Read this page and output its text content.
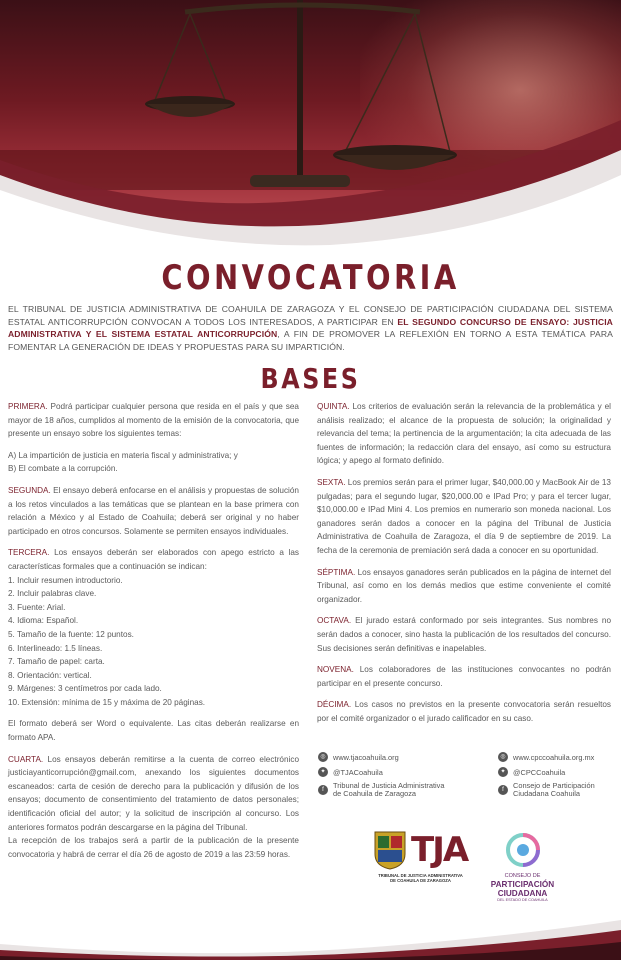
CONVOCATORIA
EL TRIBUNAL DE JUSTICIA ADMINISTRATIVA DE COAHUILA DE ZARAGOZA Y EL CONSEJO DE PARTICIPACIÓN CIUDADANA DEL SISTEMA ESTATAL ANTICORRUPCIÓN CONVOCAN A TODOS LOS INTERESADOS, A PARTICIPAR EN EL SEGUNDO CONCURSO DE ENSAYO: JUSTICIA ADMINISTRATIVA Y EL SISTEMA ESTATAL ANTICORRUPCIÓN, A FIN DE PROMOVER LA REFLEXIÓN EN TORNO A ESTA TEMÁTICA PARA FOMENTAR LA GENERACIÓN DE IDEAS Y PROPUESTAS PARA SU IMPARTICIÓN.
BASES

PRIMERA. Podrá participar cualquier persona que resida en el país y que sea mayor de 18 años, cumplidos al momento de la emisión de la convocatoria, que presente un ensayo sobre los siguientes temas:

A) La impartición de justicia en materia fiscal y administrativa; y
B) El combate a la corrupción.

SEGUNDA. El ensayo deberá enfocarse en el análisis y propuestas de solución a los retos vinculados a las temáticas que se plantean en la base primera con relación a México y al Estado de Coahuila; deberá ser original y no haber participado en otros concursos. Solamente se permiten ensayos individuales.

TERCERA. Los ensayos deberán ser elaborados con apego estricto a las características formales que a continuación se indican:

1. Incluir resumen introductorio.
2. Incluir palabras clave.
3. Fuente: Arial.
4. Idioma: Español.
5. Tamaño de la fuente: 12 puntos.
6. Interlineado: 1.5 líneas.
7. Tamaño de papel: carta.
8. Orientación: vertical.
9. Márgenes: 3 centímetros por cada lado.
10. Extensión: mínima de 15 y máxima de 20 páginas.

El formato deberá ser Word o equivalente. Las citas deberán realizarse en formato APA.

CUARTA. Los ensayos deberán remitirse a la cuenta de correo electrónico justiciayanticorrupción@gmail.com, anexando los siguientes documentos escaneados: carta de cesión de derecho para la publicación y difusión de los ensayos; documento de consentimiento del tratamiento de datos personales; identificación oficial del autor; y la solicitud de inscripción al concurso. Los anteriores formatos podrán descargarse en la página del Tribunal.

La recepción de los trabajos será a partir de la publicación de la presente convocatoria y habrá de cerrar el día 26 de agosto de 2019 a las 23:59 horas.

QUINTA. Los criterios de evaluación serán la relevancia de la problemática y el análisis realizado; el alcance de la propuesta de solución; la originalidad y relevancia del tema; la pertinencia de la argumentación; la cita adecuada de las fuentes de información; la redacción clara del ensayo, así como su estructura lógica; y apego al formato definido.

SEXTA. Los premios serán para el primer lugar, $40,000.00 y MacBook Air de 13 pulgadas; para el segundo lugar, $20,000.00 e IPad Pro; y para el tercer lugar, $10,000.00 e IPad Mini 4. Los premios en numerario son moneda nacional. Los ganadores serán dados a conocer en la página del Tribunal de Justicia Administrativa de Coahuila de Zaragoza, el día 9 de septiembre de 2019. La fecha de la ceremonia de premiación será dada a conocer en su oportunidad.

SÉPTIMA. Los ensayos ganadores serán publicados en la página de internet del Tribunal, así como en los demás medios que estime conveniente el comité organizador.

OCTAVA. El jurado estará conformado por seis integrantes. Sus nombres no serán dados a conocer, sino hasta la publicación de los resultados del concurso. Sus decisiones serán definitivas e inapelables.

NOVENA. Los colaboradores de las instituciones convocantes no podrán participar en el presente concurso.

DÉCIMA. Los casos no previstos en la presente convocatoria serán resueltos por el comité organizador o el jurado calificador en su caso.

◎ www.tjacoahuila.org
✦	@TJACoahuila
f	Tribunal de Justicia Administrativa
de Coahuila de Zaragoza
◎ www.cpccoahuila.org.mx
✦	@CPCCoahuila
f	Consejo de Participación
Ciudadana Coahuila
TJA
TRIBUNAL DE JUSTICIA ADMINISTRATIVA
DE COAHUILA DE ZARAGOZA
CONSEJO DE
PARTICIPACIÓN
CIUDADANA
DEL ESTADO DE COAHUILA
